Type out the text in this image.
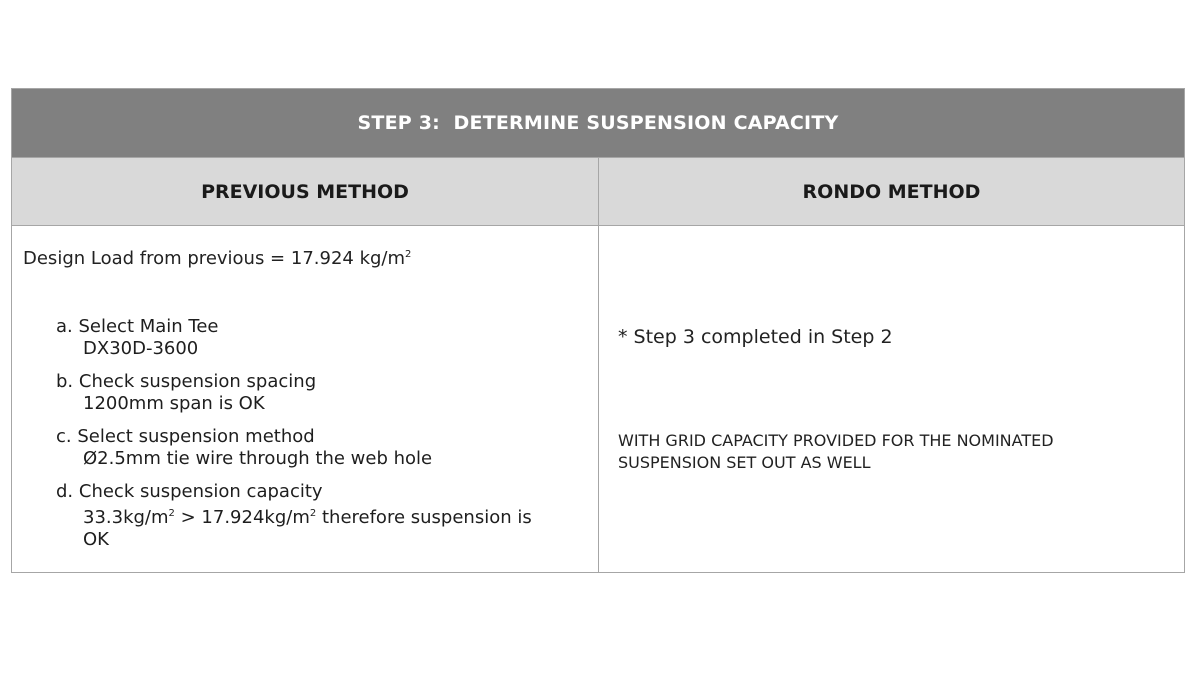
STEP 3:  DETERMINE SUSPENSION CAPACITY
PREVIOUS METHOD	RONDO METHOD
Design Load from previous = 17.924 $kg/m^2$
a. Select Main Tee
DX30D-3600
b. Check suspension spacing
1200mm span is OK
c. Select suspension method
Ø2.5mm tie wire through the web hole
d. Check suspension capacity
$33.3kg/m^2 > 17.924kg/m^2$ therefore suspension is
OK
* Step 3 completed in Step 2
WITH GRID CAPACITY PROVIDED FOR THE NOMINATED
SUSPENSION SET OUT AS WELL
